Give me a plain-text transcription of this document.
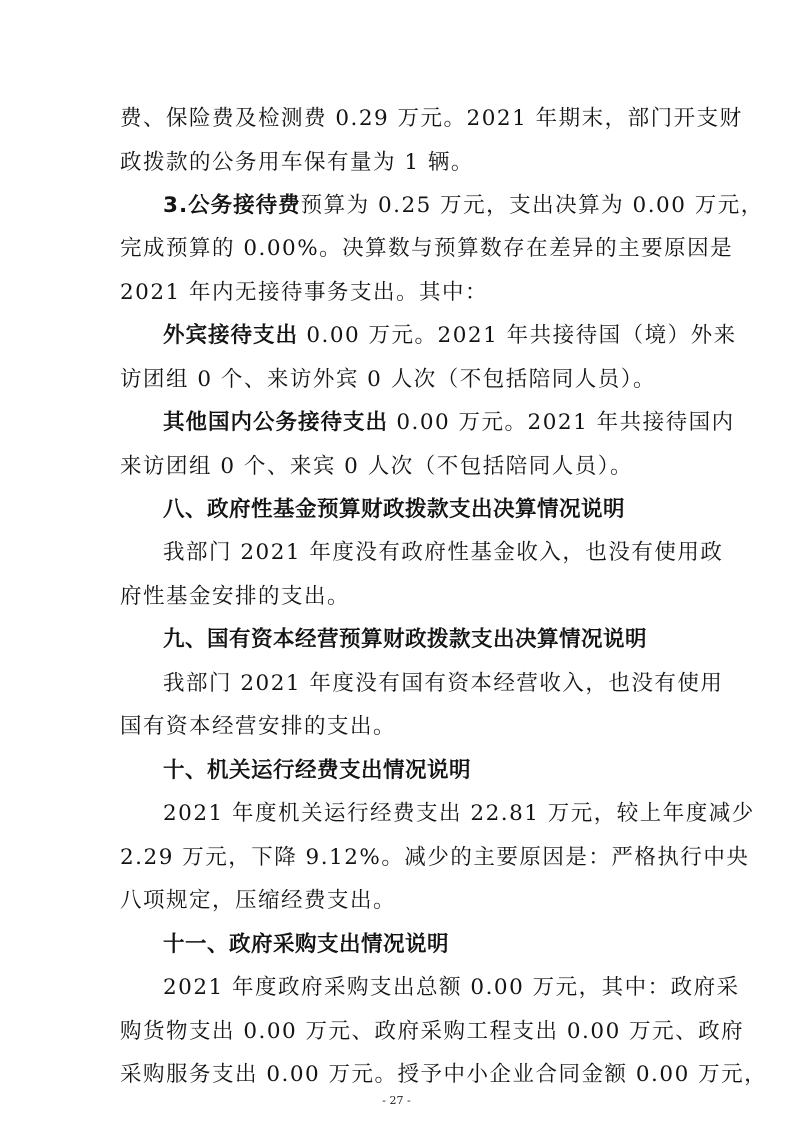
费、保险费及检测费 0.29 万元。2021 年期末，部门开支财
政拨款的公务用车保有量为 1 辆。
3.公务接待费预算为 0.25 万元，支出决算为 0.00 万元，
完成预算的 0.00%。决算数与预算数存在差异的主要原因是
2021 年内无接待事务支出。其中：
外宾接待支出 0.00 万元。2021 年共接待国（境）外来
访团组 0 个、来访外宾 0 人次（不包括陪同人员）。
其他国内公务接待支出 0.00 万元。2021 年共接待国内
来访团组 0 个、来宾 0 人次（不包括陪同人员）。
八、政府性基金预算财政拨款支出决算情况说明
我部门 2021 年度没有政府性基金收入，也没有使用政
府性基金安排的支出。
九、国有资本经营预算财政拨款支出决算情况说明
我部门 2021 年度没有国有资本经营收入，也没有使用
国有资本经营安排的支出。
十、机关运行经费支出情况说明
2021 年度机关运行经费支出 22.81 万元，较上年度减少
2.29 万元，下降 9.12%。减少的主要原因是：严格执行中央
八项规定，压缩经费支出。
十一、政府采购支出情况说明
2021 年度政府采购支出总额 0.00 万元，其中：政府采
购货物支出 0.00 万元、政府采购工程支出 0.00 万元、政府
采购服务支出 0.00 万元。授予中小企业合同金额 0.00 万元，
- 27 -
